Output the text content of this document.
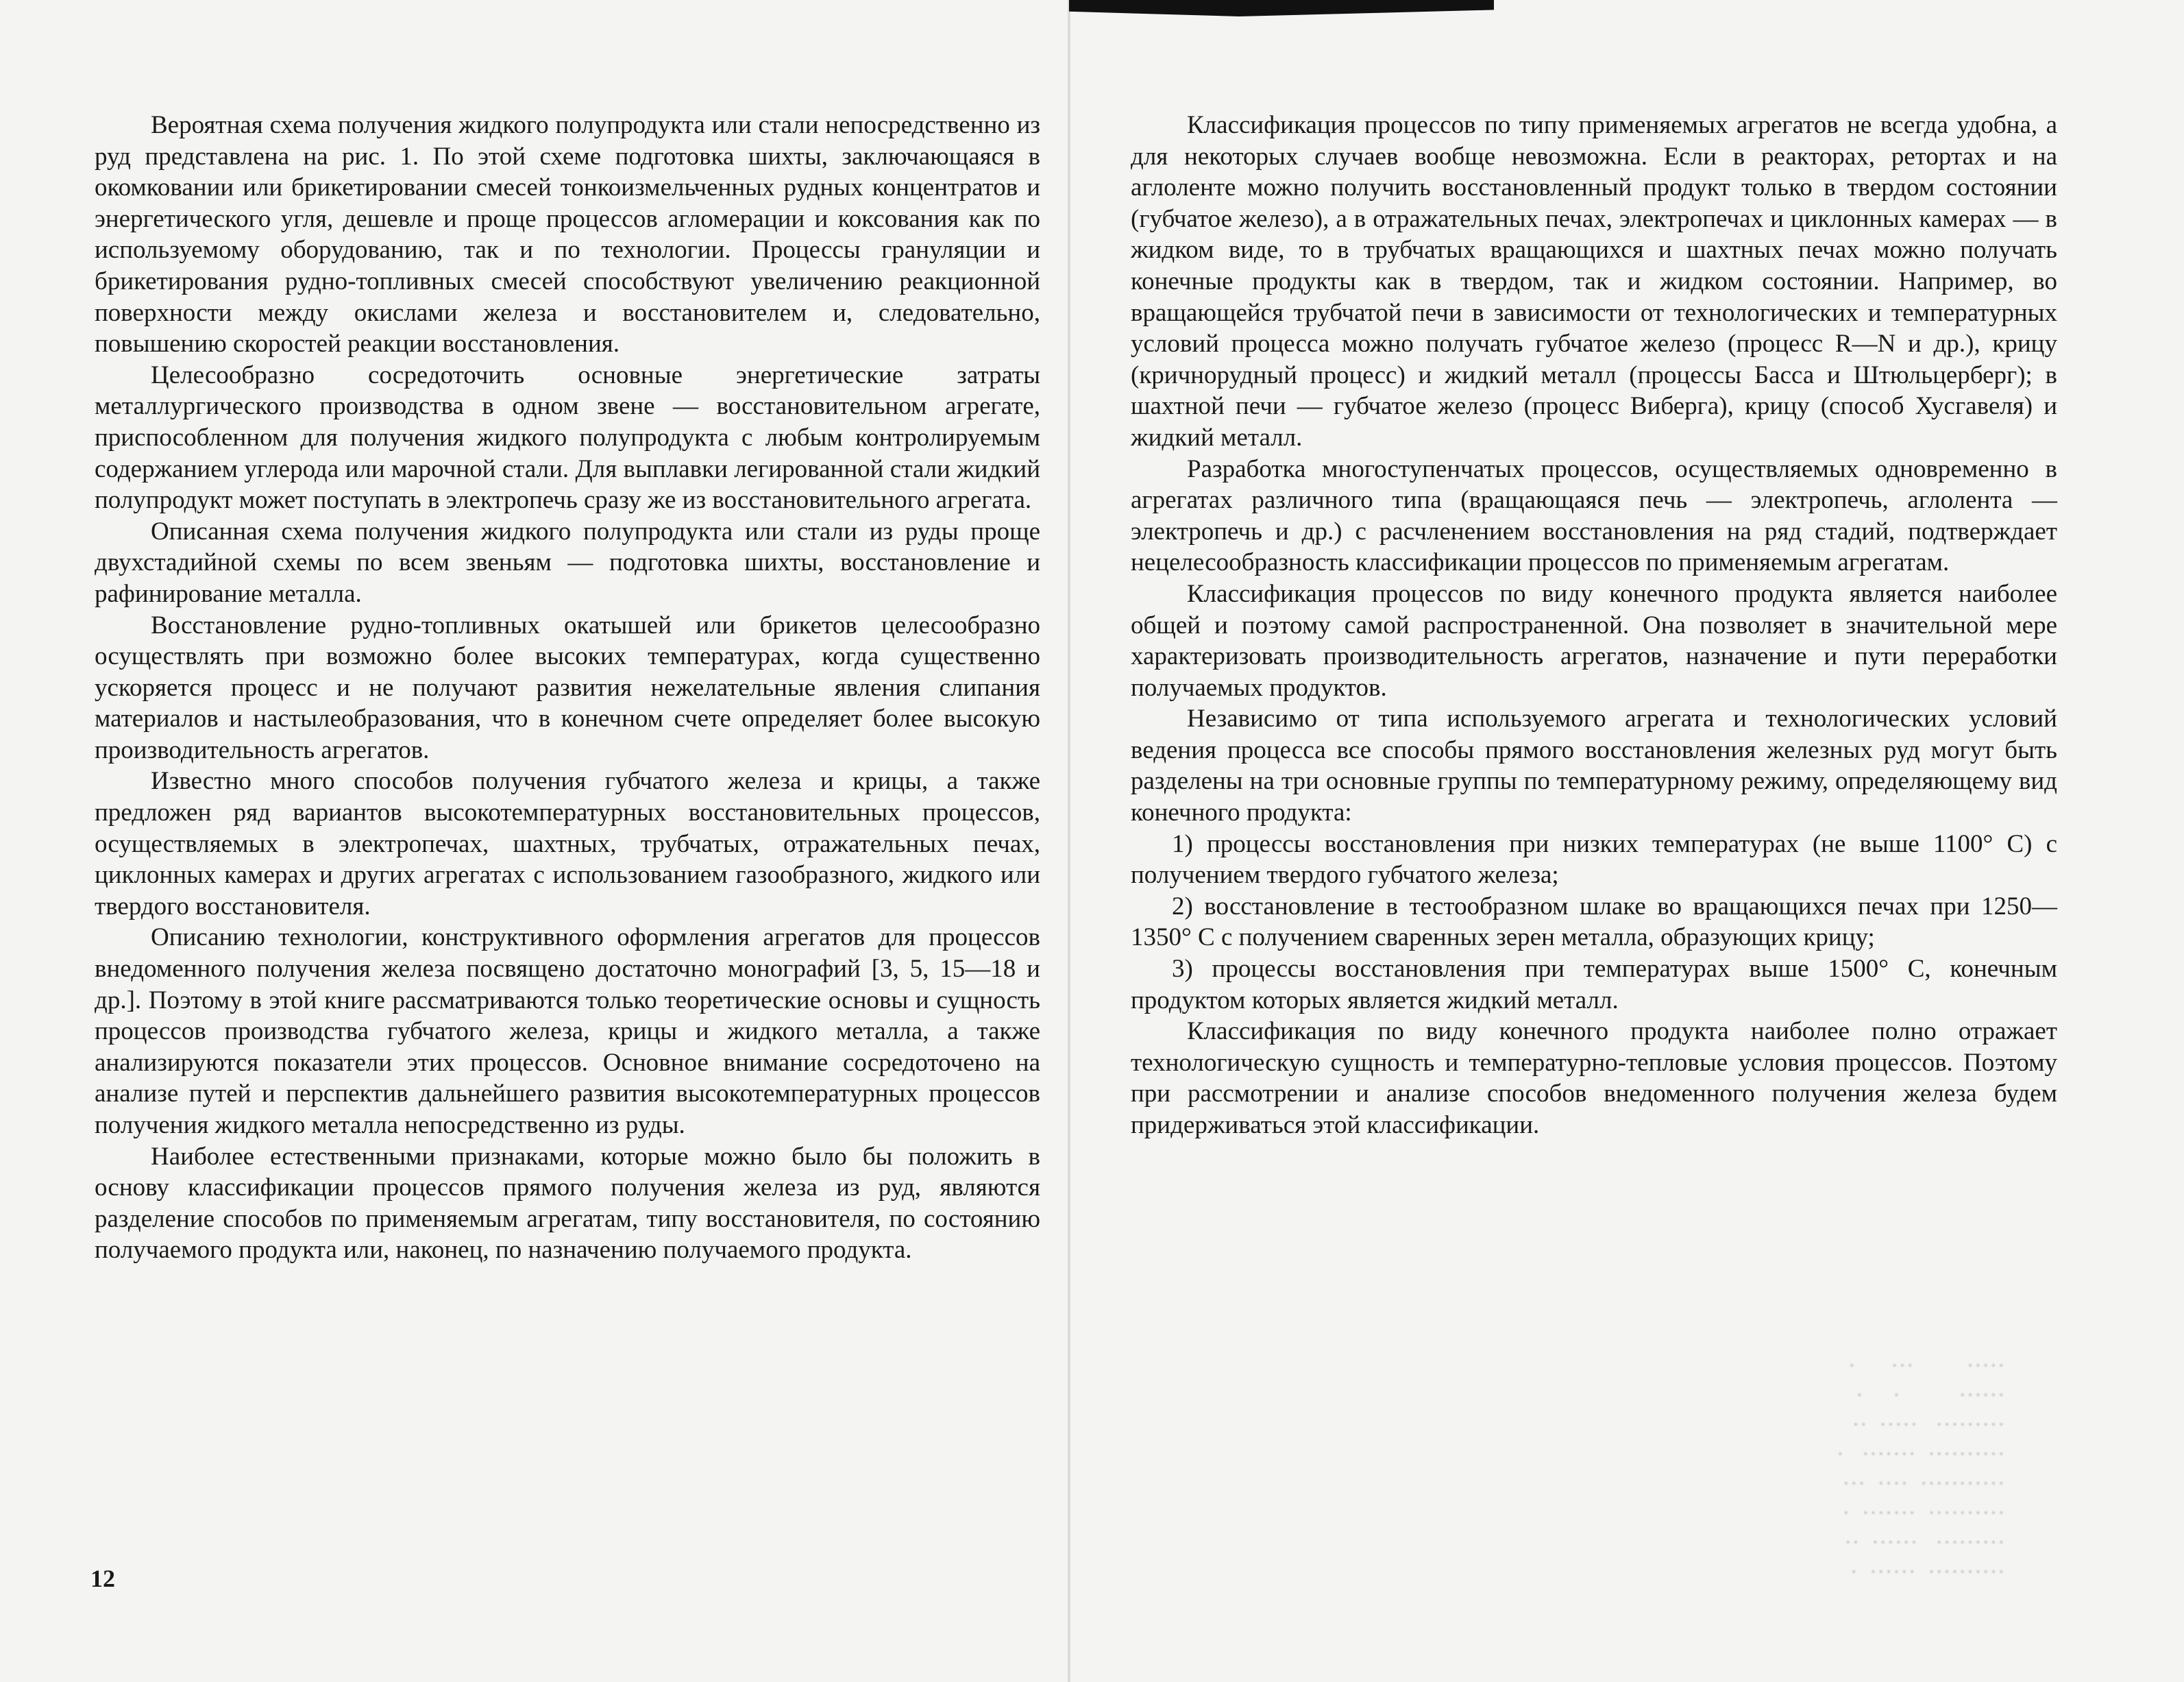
Вероятная схема получения жидкого полупродукта или стали непосредственно из руд представлена на рис. 1. По этой схеме подготовка шихты, заключающаяся в окомковании или брикетировании смесей тонкоизмельченных рудных концентратов и энергетического угля, дешевле и проще процессов агломерации и коксования как по используемому оборудованию, так и по технологии. Процессы грануляции и брикетирования рудно-топливных смесей способствуют увеличению реакционной поверхности между окислами железа и восстановителем и, следовательно, повышению скоростей реакции восстановления.

Целесообразно сосредоточить основные энергетические затраты металлургического производства в одном звене — восстановительном агрегате, приспособленном для получения жидкого полупродукта с любым контролируемым содержанием углерода или марочной стали. Для выплавки легированной стали жидкий полупродукт может поступать в электропечь сразу же из восстановительного агрегата.

Описанная схема получения жидкого полупродукта или стали из руды проще двухстадийной схемы по всем звеньям — подготовка шихты, восстановление и рафинирование металла.

Восстановление рудно-топливных окатышей или брикетов целесообразно осуществлять при возможно более высоких температурах, когда существенно ускоряется процесс и не получают развития нежелательные явления слипания материалов и настылеобразования, что в конечном счете определяет более высокую производительность агрегатов.

Известно много способов получения губчатого железа и крицы, а также предложен ряд вариантов высокотемпературных восстановительных процессов, осуществляемых в электропечах, шахтных, трубчатых, отражательных печах, циклонных камерах и других агрегатах с использованием газообразного, жидкого или твердого восстановителя.

Описанию технологии, конструктивного оформления агрегатов для процессов внедоменного получения железа посвящено достаточно монографий [3, 5, 15—18 и др.]. Поэтому в этой книге рассматриваются только теоретические основы и сущность процессов производства губчатого железа, крицы и жидкого металла, а также анализируются показатели этих процессов. Основное внимание сосредоточено на анализе путей и перспектив дальнейшего развития высокотемпературных процессов получения жидкого металла непосредственно из руды.

Наиболее естественными признаками, которые можно было бы положить в основу классификации процессов прямого получения железа из руд, являются разделение способов по применяемым агрегатам, типу восстановителя, по состоянию получаемого продукта или, наконец, по назначению получаемого продукта.

12

Классификация процессов по типу применяемых агрегатов не всегда удобна, а для некоторых случаев вообще невозможна. Если в реакторах, ретортах и на аглоленте можно получить восстановленный продукт только в твердом состоянии (губчатое железо), а в отражательных печах, электропечах и циклонных камерах — в жидком виде, то в трубчатых вращающихся и шахтных печах можно получать конечные продукты как в твердом, так и жидком состоянии. Например, во вращающейся трубчатой печи в зависимости от технологических и температурных условий процесса можно получать губчатое железо (процесс R—N и др.), крицу (кричнорудный процесс) и жидкий металл (процессы Басса и Штюльцерберг); в шахтной печи — губчатое железо (процесс Виберга), крицу (способ Хусгавеля) и жидкий металл.

Разработка многоступенчатых процессов, осуществляемых одновременно в агрегатах различного типа (вращающаяся печь — электропечь, аглолента — электропечь и др.) с расчленением восстановления на ряд стадий, подтверждает нецелесообразность классификации процессов по применяемым агрегатам.

Классификация процессов по виду конечного продукта является наиболее общей и поэтому самой распространенной. Она позволяет в значительной мере характеризовать производительность агрегатов, назначение и пути переработки получаемых продуктов.

Независимо от типа используемого агрегата и технологических условий ведения процесса все способы прямого восстановления железных руд могут быть разделены на три основные группы по температурному режиму, определяющему вид конечного продукта:

1) процессы восстановления при низких температурах (не выше 1100° С) с получением твердого губчатого железа;

2) восстановление в тестообразном шлаке во вращающихся печах при 1250—1350° С с получением сваренных зерен металла, образующих крицу;

3) процессы восстановления при температурах выше 1500° С, конечным продуктом которых является жидкий металл.

Классификация по виду конечного продукта наиболее полно отражает технологическую сущность и температурно-тепловые условия процессов. Поэтому при рассмотрении и анализе способов внедоменного получения железа будем придерживаться этой классификации.

·····         ···      ·
······          ·     ·
·········   ·····  ··
··········  ·······   ·
···········  ····  ···
··········  ·······  ·
·········   ······  ··
··········  ······  ·
